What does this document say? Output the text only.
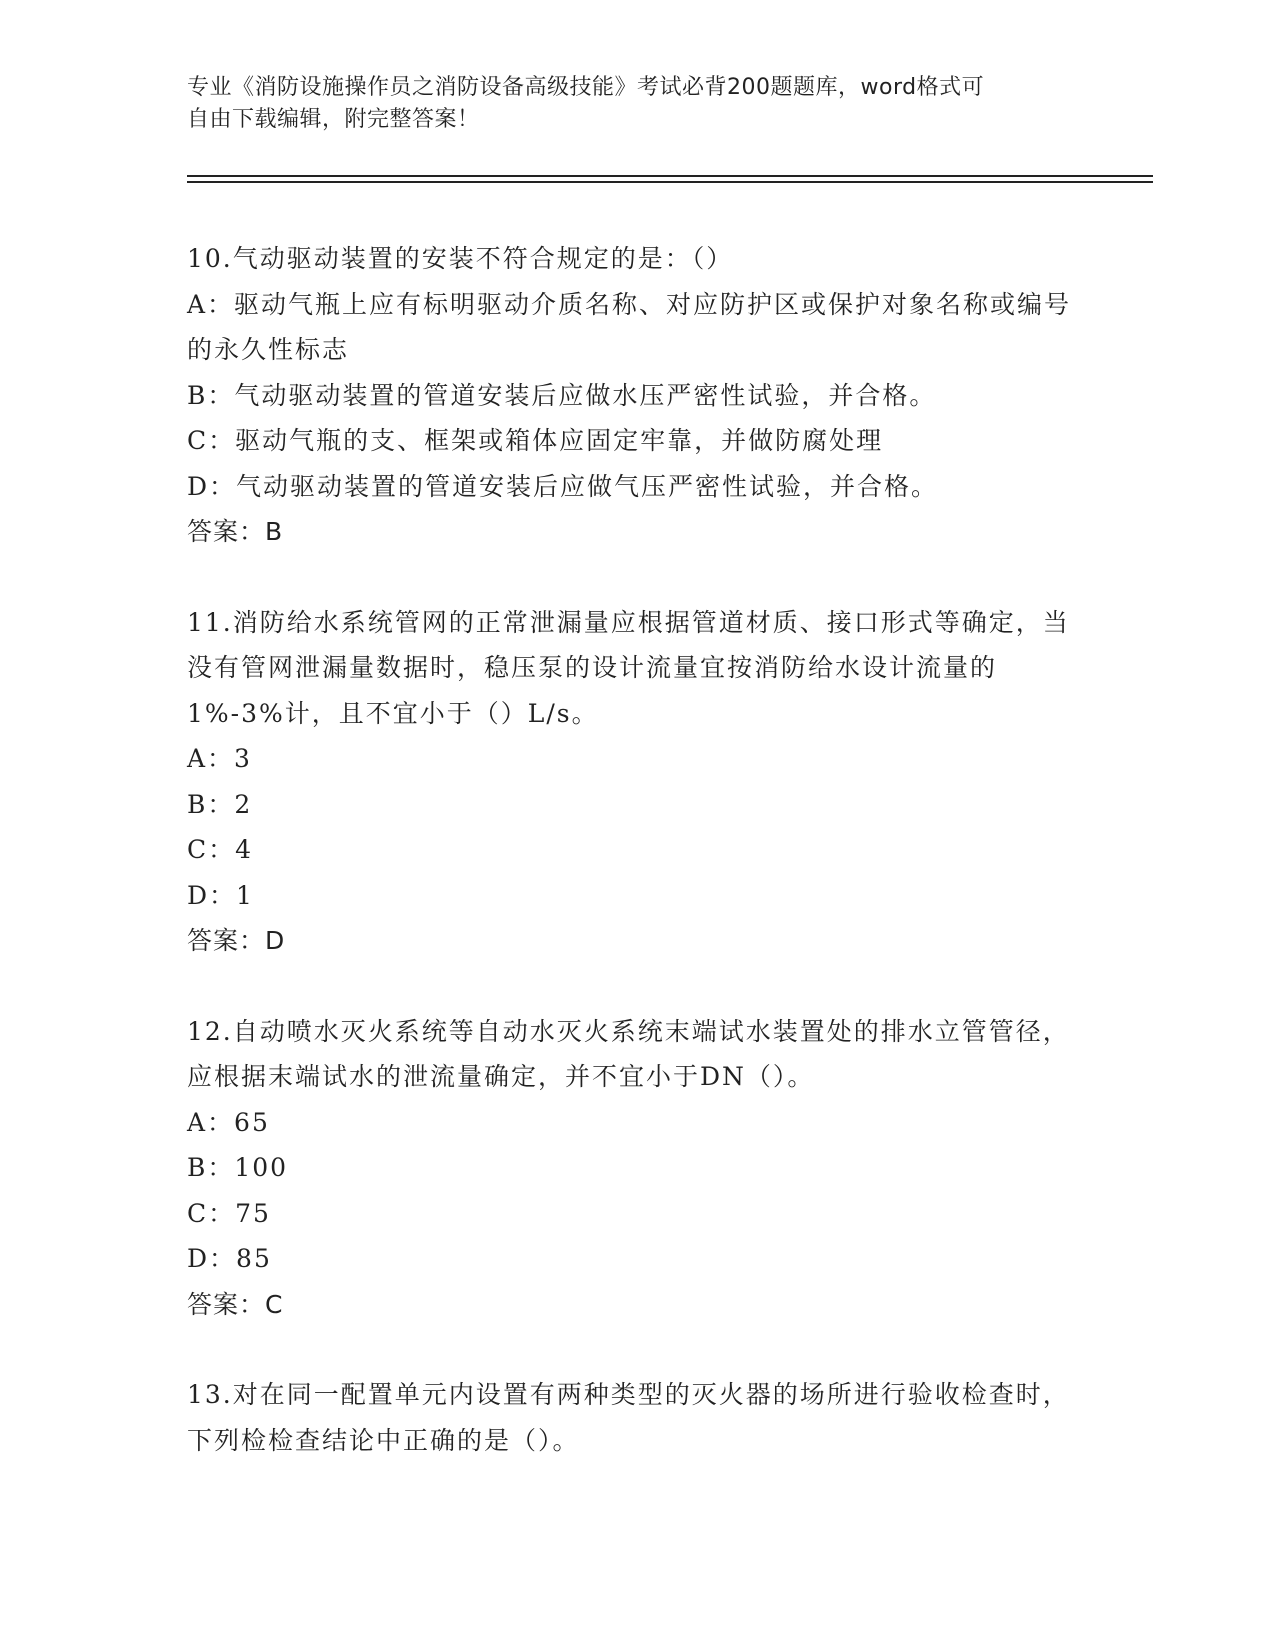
专业《消防设施操作员之消防设备高级技能》考试必背200题题库，word格式可
自由下载编辑，附完整答案！

10.气动驱动装置的安装不符合规定的是：（）

A：驱动气瓶上应有标明驱动介质名称、对应防护区或保护对象名称或编号的永久性标志

B：气动驱动装置的管道安装后应做水压严密性试验，并合格。

C：驱动气瓶的支、框架或箱体应固定牢靠，并做防腐处理

D：气动驱动装置的管道安装后应做气压严密性试验，并合格。

答案：B

11.消防给水系统管网的正常泄漏量应根据管道材质、接口形式等确定，当没有管网泄漏量数据时，稳压泵的设计流量宜按消防给水设计流量的1%-3%计，且不宜小于（）L/s。

A：3

B：2

C：4

D：1

答案：D

12.自动喷水灭火系统等自动水灭火系统末端试水装置处的排水立管管径，应根据末端试水的泄流量确定，并不宜小于DN（）。

A：65

B：100

C：75

D：85

答案：C

13.对在同一配置单元内设置有两种类型的灭火器的场所进行验收检查时，下列检检查结论中正确的是（）。
